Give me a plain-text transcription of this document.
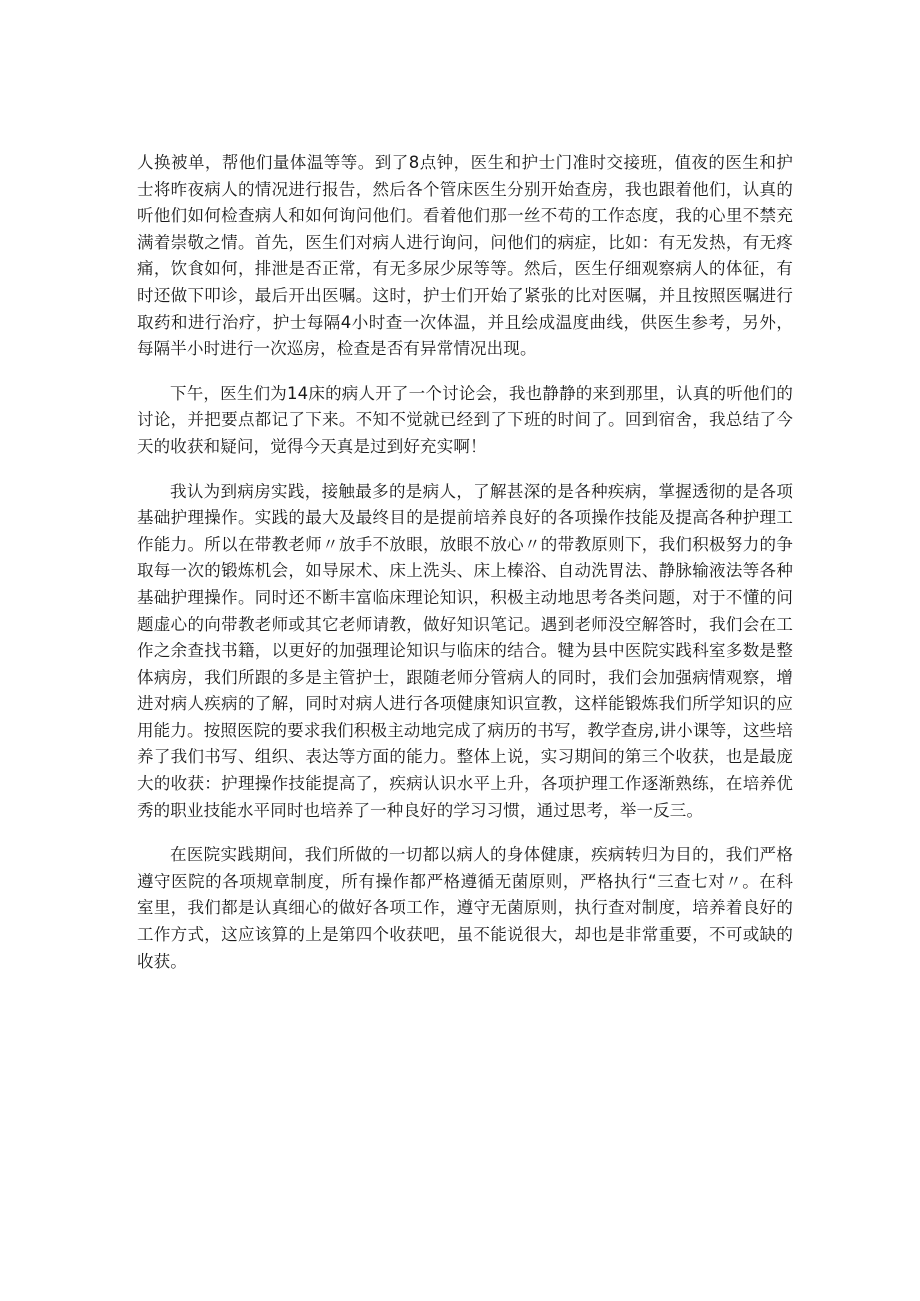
人换被单，帮他们量体温等等。到了8点钟，医生和护士门准时交接班，值夜的医生和护士将昨夜病人的情况进行报告，然后各个管床医生分别开始查房，我也跟着他们，认真的听他们如何检查病人和如何询问他们。看着他们那一丝不苟的工作态度，我的心里不禁充满着崇敬之情。首先，医生们对病人进行询问，问他们的病症，比如：有无发热，有无疼痛，饮食如何，排泄是否正常，有无多尿少尿等等。然后，医生仔细观察病人的体征，有时还做下叩诊，最后开出医嘱。这时，护士们开始了紧张的比对医嘱，并且按照医嘱进行取药和进行治疗，护士每隔4小时查一次体温，并且绘成温度曲线，供医生参考，另外，每隔半小时进行一次巡房，检查是否有异常情况出现。

下午，医生们为14床的病人开了一个讨论会，我也静静的来到那里，认真的听他们的讨论，并把要点都记了下来。不知不觉就已经到了下班的时间了。回到宿舍，我总结了今天的收获和疑问，觉得今天真是过到好充实啊！

我认为到病房实践，接触最多的是病人，了解甚深的是各种疾病，掌握透彻的是各项基础护理操作。实践的最大及最终目的是提前培养良好的各项操作技能及提高各种护理工作能力。所以在带教老师〃放手不放眼，放眼不放心〃的带教原则下，我们积极努力的争取每一次的锻炼机会，如导尿术、床上洗头、床上榛浴、自动洗胃法、静脉输液法等各种基础护理操作。同时还不断丰富临床理论知识，积极主动地思考各类问题，对于不懂的问题虚心的向带教老师或其它老师请教，做好知识笔记。遇到老师没空解答时，我们会在工作之余查找书籍，以更好的加强理论知识与临床的结合。犍为县中医院实践科室多数是整体病房，我们所跟的多是主管护士，跟随老师分管病人的同时，我们会加强病情观察，增进对病人疾病的了解，同时对病人进行各项健康知识宣教，这样能锻炼我们所学知识的应用能力。按照医院的要求我们积极主动地完成了病历的书写，教学查房,讲小课等，这些培养了我们书写、组织、表达等方面的能力。整体上说，实习期间的第三个收获，也是最庞大的收获：护理操作技能提高了，疾病认识水平上升，各项护理工作逐渐熟练，在培养优秀的职业技能水平同时也培养了一种良好的学习习惯，通过思考，举一反三。

在医院实践期间，我们所做的一切都以病人的身体健康，疾病转归为目的，我们严格遵守医院的各项规章制度，所有操作都严格遵循无菌原则，严格执行“三查七对〃。在科室里，我们都是认真细心的做好各项工作，遵守无菌原则，执行查对制度，培养着良好的工作方式，这应该算的上是第四个收获吧，虽不能说很大，却也是非常重要，不可或缺的收获。
